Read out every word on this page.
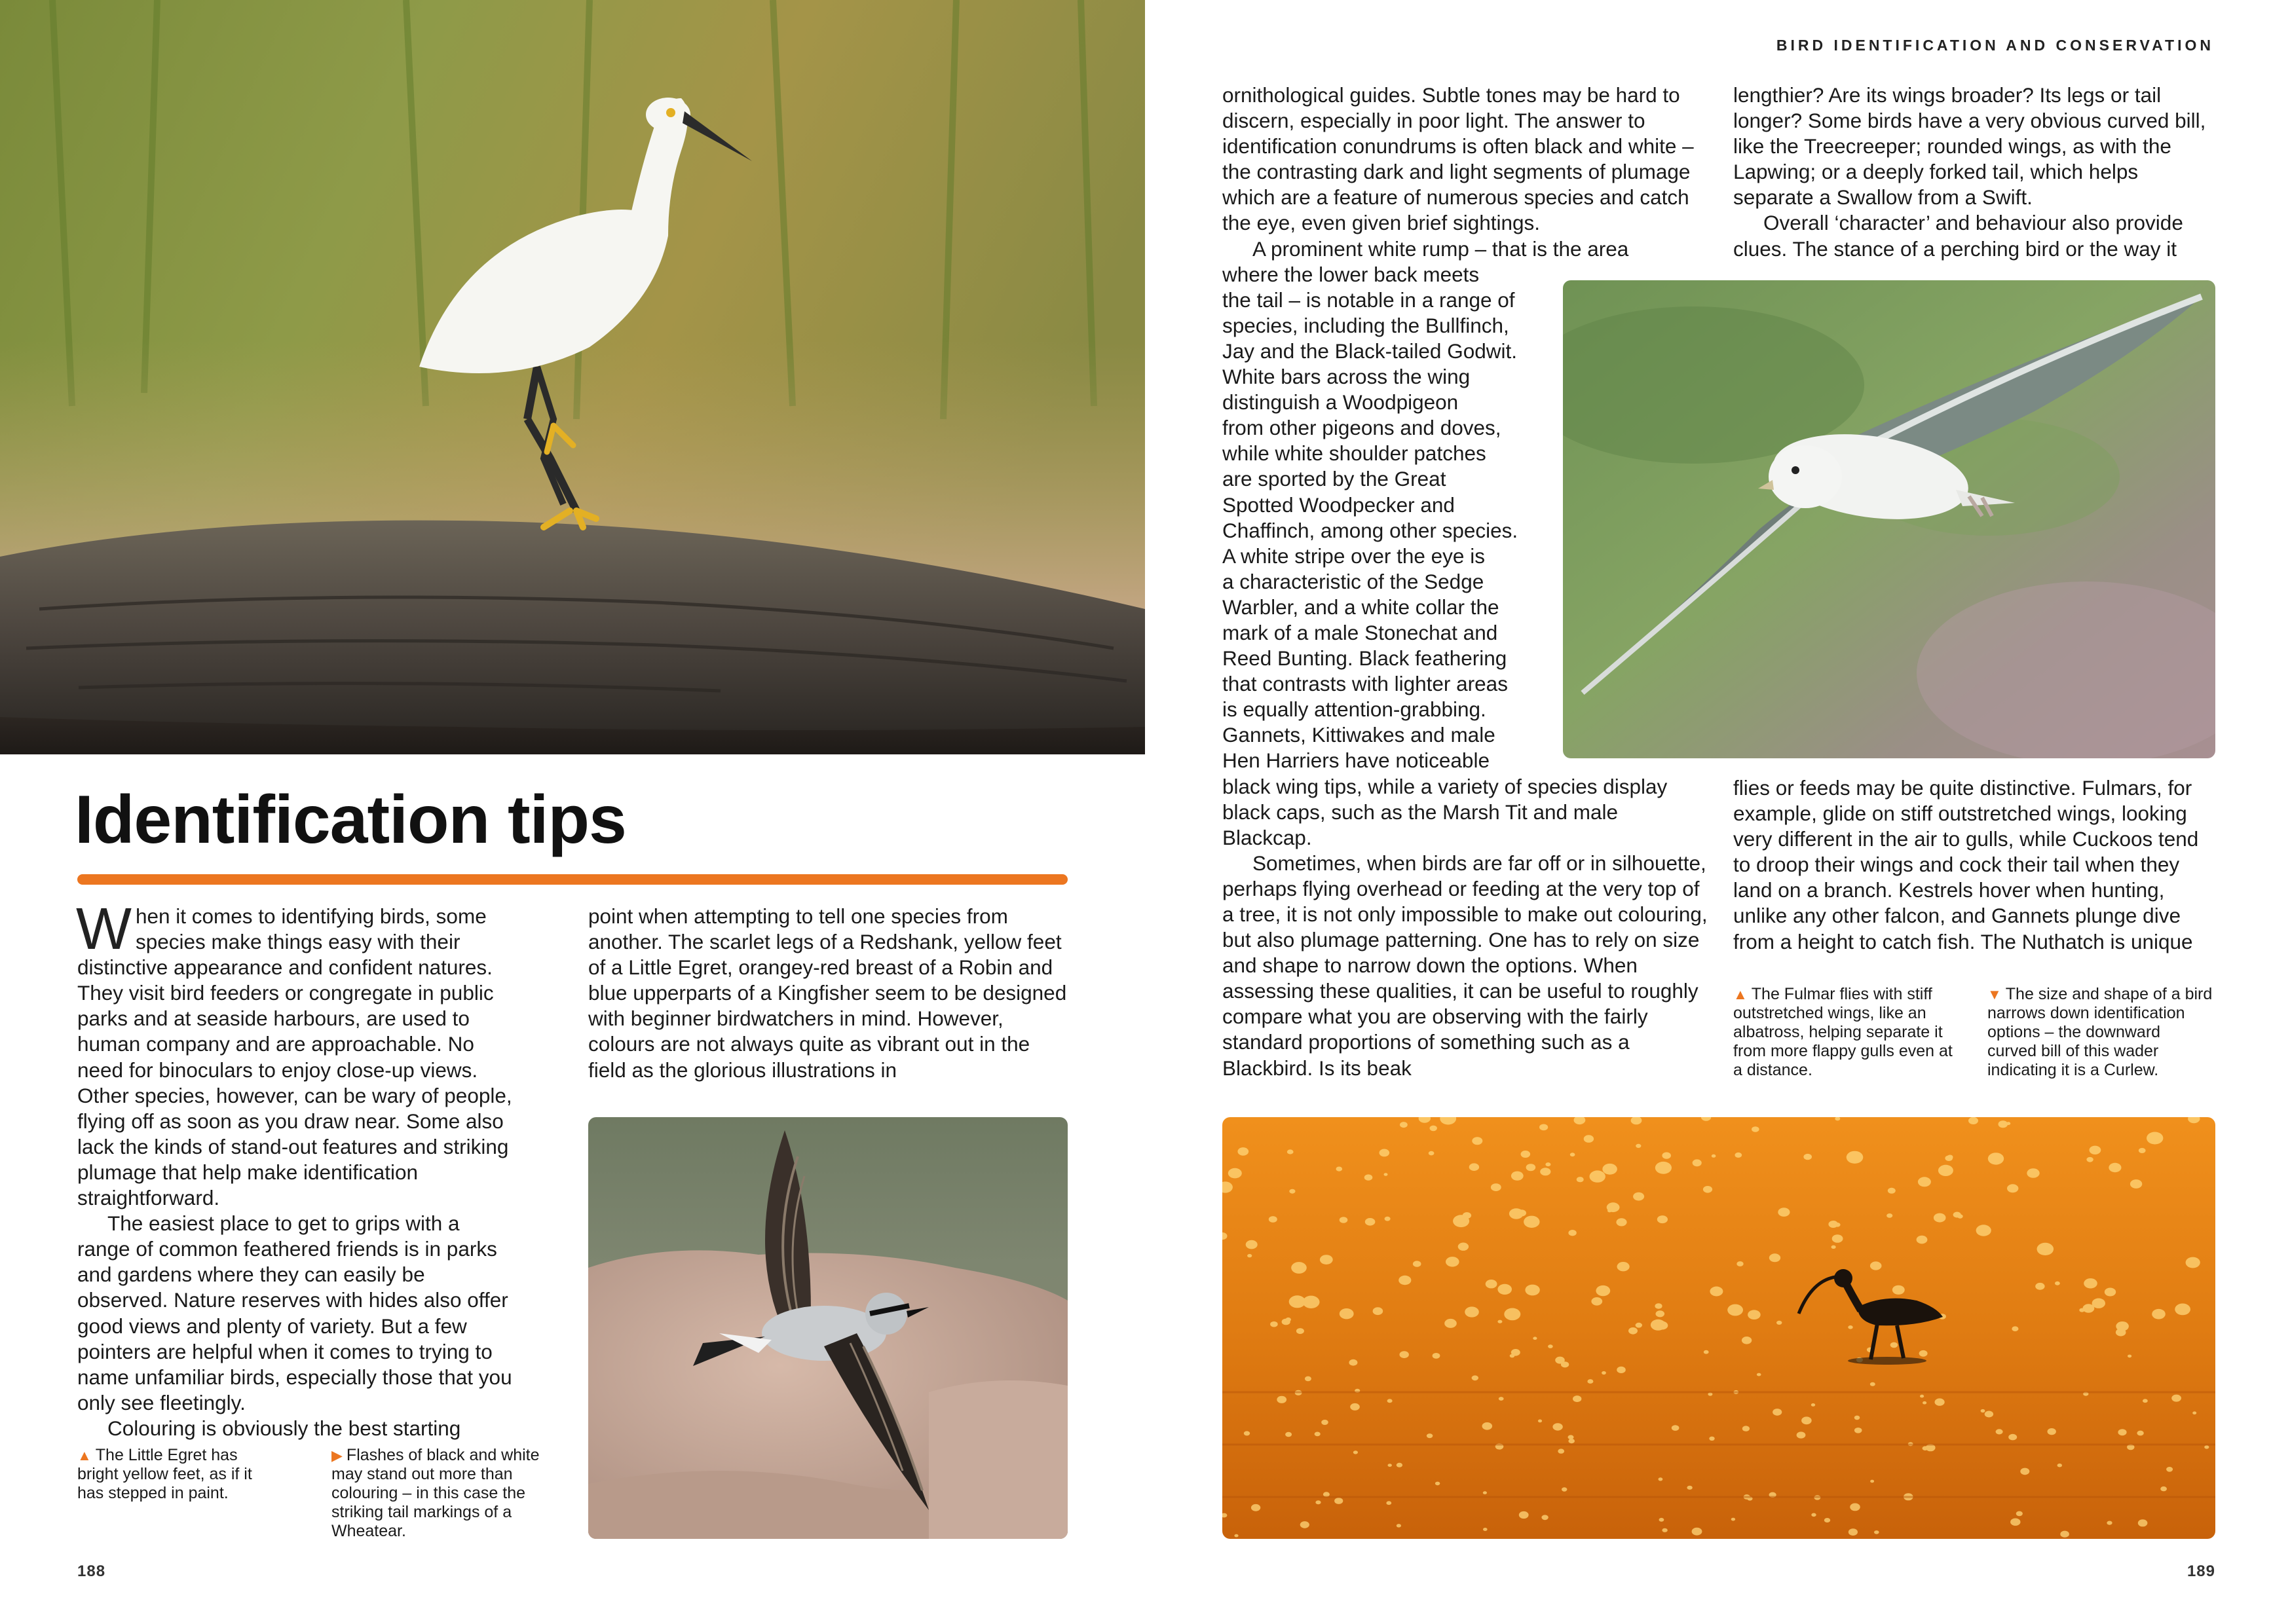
BIRD IDENTIFICATION AND CONSERVATION
Identification tips

When it comes to identifying birds, some species make things easy with their distinctive appearance and confident natures. They visit bird feeders or congregate in public parks and at seaside harbours, are used to human company and are approachable. No need for binoculars to enjoy close-up views. Other species, however, can be wary of people, flying off as soon as you draw near. Some also lack the kinds of stand-out features and striking plumage that help make identification straightforward.

The easiest place to get to grips with a range of common feathered friends is in parks and gardens where they can easily be observed. Nature reserves with hides also offer good views and plenty of variety. But a few pointers are helpful when it comes to trying to name unfamiliar birds, especially those that you only see fleetingly.

Colouring is obviously the best starting

point when attempting to tell one species from another. The scarlet legs of a Redshank, yellow feet of a Little Egret, orangey-red breast of a Robin and blue upperparts of a Kingfisher seem to be designed with beginner birdwatchers in mind. However, colours are not always quite as vibrant out in the field as the glorious illustrations in

▲ The Little Egret has bright yellow feet, as if it has stepped in paint.
▶ Flashes of black and white may stand out more than colouring – in this case the striking tail markings of a Wheatear.

ornithological guides. Subtle tones may be hard to discern, especially in poor light. The answer to identification conundrums is often black and white – the contrasting dark and light segments of plumage which are a feature of numerous species and catch the eye, even given brief sightings.

A prominent white rump – that is the area
where the lower back meets
the tail – is notable in a range of
species, including the Bullfinch,
Jay and the Black-tailed Godwit.
White bars across the wing
distinguish a Woodpigeon
from other pigeons and doves,
while white shoulder patches
are sported by the Great
Spotted Woodpecker and
Chaffinch, among other species.
A white stripe over the eye is
a characteristic of the Sedge
Warbler, and a white collar the
mark of a male Stonechat and
Reed Bunting. Black feathering
that contrasts with lighter areas
is equally attention-grabbing.
Gannets, Kittiwakes and male
Hen Harriers have noticeable
black wing tips, while a variety of species display black caps, such as the Marsh Tit and male Blackcap.

Sometimes, when birds are far off or in silhouette, perhaps flying overhead or feeding at the very top of a tree, it is not only impossible to make out colouring, but also plumage patterning. One has to rely on size and shape to narrow down the options. When assessing these qualities, it can be useful to roughly compare what you are observing with the fairly standard proportions of something such as a Blackbird. Is its beak

lengthier? Are its wings broader? Its legs or tail longer? Some birds have a very obvious curved bill, like the Treecreeper; rounded wings, as with the Lapwing; or a deeply forked tail, which helps separate a Swallow from a Swift.

Overall ‘character’ and behaviour also provide clues. The stance of a perching bird or the way it

flies or feeds may be quite distinctive. Fulmars, for example, glide on stiff outstretched wings, looking very different in the air to gulls, while Cuckoos tend to droop their wings and cock their tail when they land on a branch. Kestrels hover when hunting, unlike any other falcon, and Gannets plunge dive from a height to catch fish. The Nuthatch is unique

▲ The Fulmar flies with stiff outstretched wings, like an albatross, helping separate it from more flappy gulls even at a distance.
▼ The size and shape of a bird narrows down identification options – the downward curved bill of this wader indicating it is a Curlew.
188	189
